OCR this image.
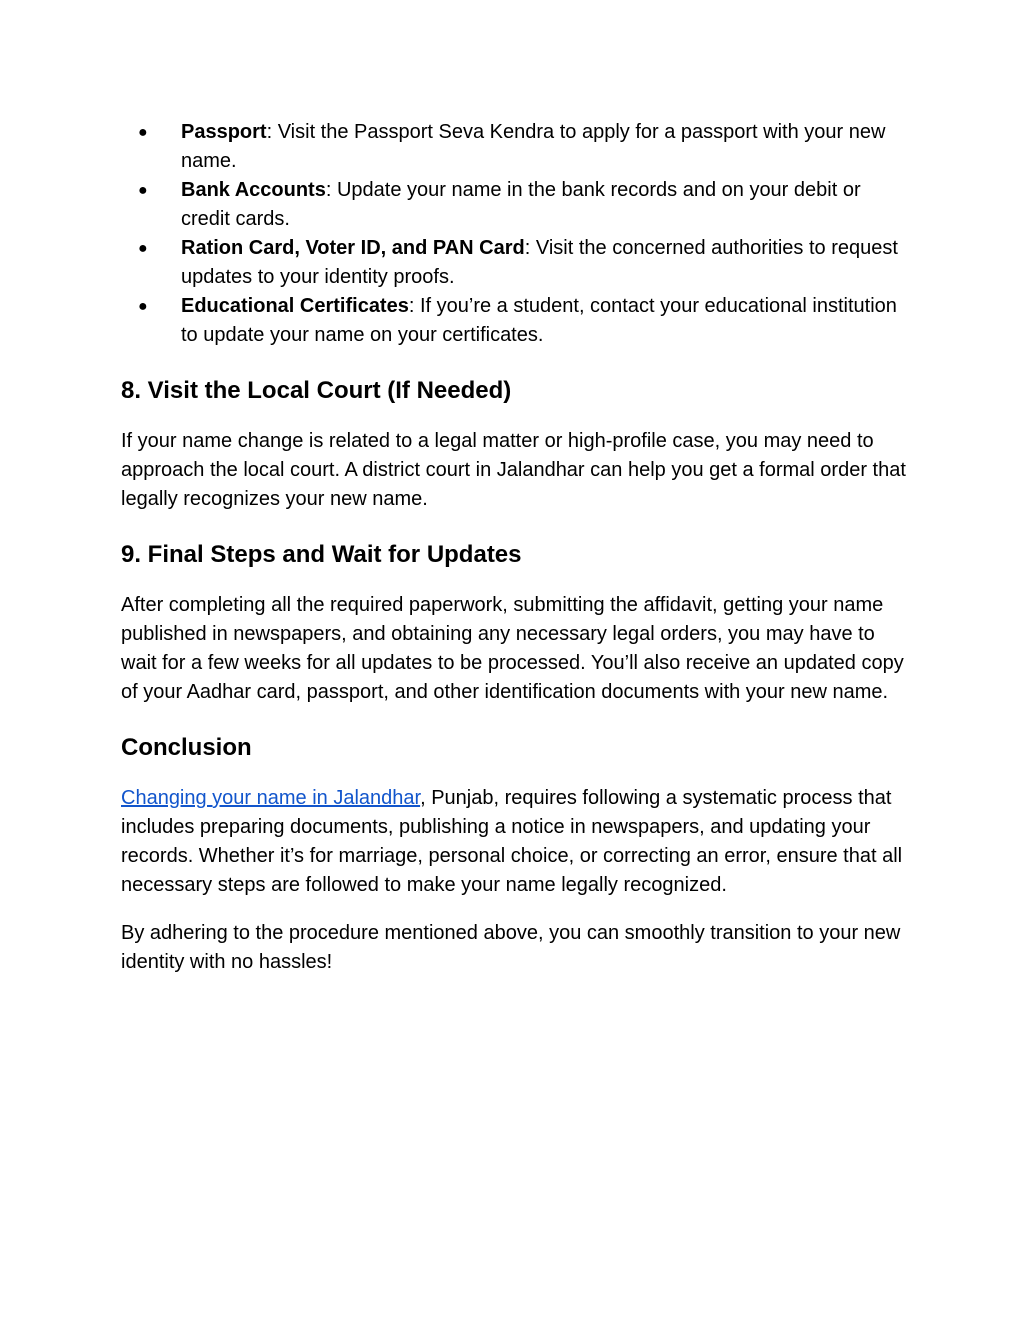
● Passport: Visit the Passport Seva Kendra to apply for a passport with your new name.
● Bank Accounts: Update your name in the bank records and on your debit or credit cards.
● Ration Card, Voter ID, and PAN Card: Visit the concerned authorities to request updates to your identity proofs.
● Educational Certificates: If you’re a student, contact your educational institution to update your name on your certificates.
8. Visit the Local Court (If Needed)

If your name change is related to a legal matter or high-profile case, you may need to approach the local court. A district court in Jalandhar can help you get a formal order that legally recognizes your new name.

9. Final Steps and Wait for Updates

After completing all the required paperwork, submitting the affidavit, getting your name published in newspapers, and obtaining any necessary legal orders, you may have to wait for a few weeks for all updates to be processed. You’ll also receive an updated copy of your Aadhar card, passport, and other identification documents with your new name.

Conclusion

Changing your name in Jalandhar, Punjab, requires following a systematic process that includes preparing documents, publishing a notice in newspapers, and updating your records. Whether it’s for marriage, personal choice, or correcting an error, ensure that all necessary steps are followed to make your name legally recognized.

By adhering to the procedure mentioned above, you can smoothly transition to your new identity with no hassles!
